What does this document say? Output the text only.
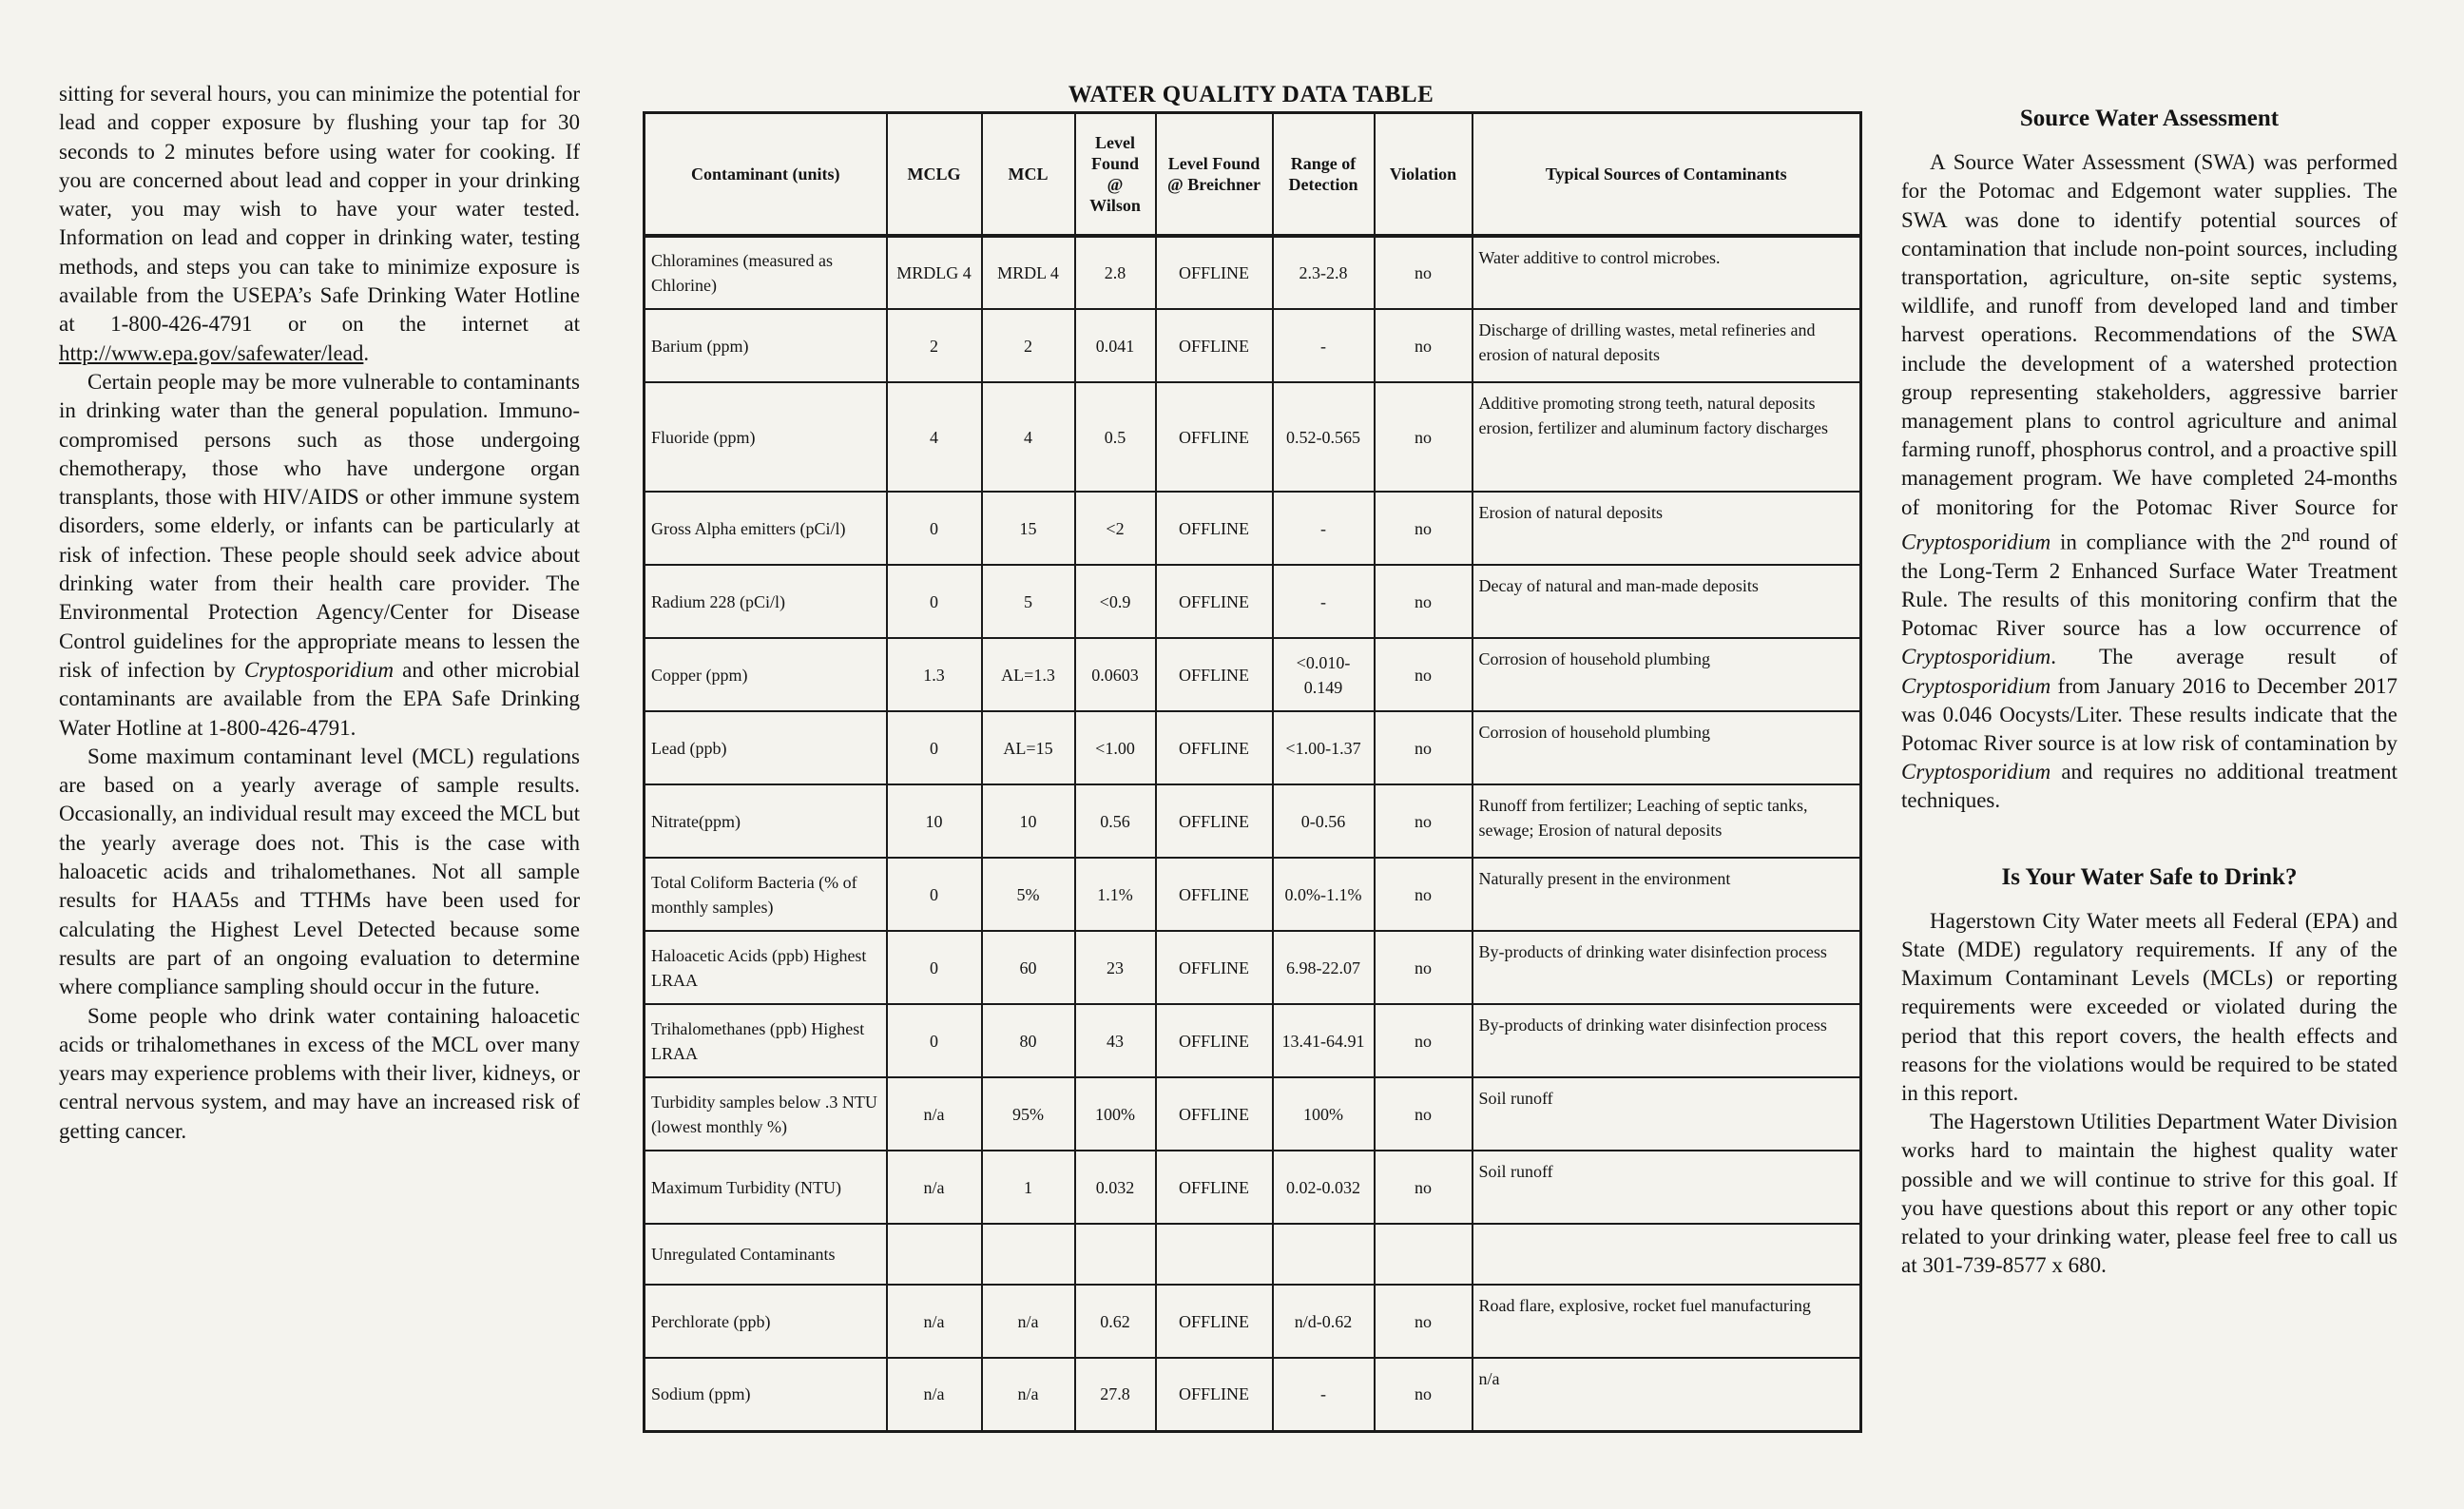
sitting for several hours, you can minimize the potential for lead and copper exposure by flushing your tap for 30 seconds to 2 minutes before using water for cooking. If you are concerned about lead and copper in your drinking water, you may wish to have your water tested. Information on lead and copper in drinking water, testing methods, and steps you can take to minimize exposure is available from the USEPA’s Safe Drinking Water Hotline at 1-800-426-4791 or on the internet at http://www.epa.gov/safewater/lead.

Certain people may be more vulnerable to contaminants in drinking water than the general population. Immuno-compromised persons such as those undergoing chemotherapy, those who have undergone organ transplants, those with HIV/AIDS or other immune system disorders, some elderly, or infants can be particularly at risk of infection. These people should seek advice about drinking water from their health care provider. The Environmental Protection Agency/Center for Disease Control guidelines for the appropriate means to lessen the risk of infection by Cryptosporidium and other microbial contaminants are available from the EPA Safe Drinking Water Hotline at 1-800-426-4791.

Some maximum contaminant level (MCL) regulations are based on a yearly average of sample results. Occasionally, an individual result may exceed the MCL but the yearly average does not. This is the case with haloacetic acids and trihalomethanes. Not all sample results for HAA5s and TTHMs have been used for calculating the Highest Level Detected because some results are part of an ongoing evaluation to determine where compliance sampling should occur in the future.

Some people who drink water containing haloacetic acids or trihalomethanes in excess of the MCL over many years may experience problems with their liver, kidneys, or central nervous system, and may have an increased risk of getting cancer.

WATER QUALITY DATA TABLE
Contaminant (units)	MCLG	MCL	Level Found @ Wilson	Level Found @ Breichner	Range of Detection	Violation	Typical Sources of Contaminants
Chloramines (measured as Chlorine)	MRDLG 4	MRDL 4	2.8	OFFLINE	2.3-2.8	no	Water additive to control microbes.
Barium (ppm)	2	2	0.041	OFFLINE	-	no	Discharge of drilling wastes, metal refineries and erosion of natural deposits
Fluoride (ppm)	4	4	0.5	OFFLINE	0.52-0.565	no	Additive promoting strong teeth, natural deposits erosion, fertilizer and aluminum factory discharges
Gross Alpha emitters (pCi/l)	0	15	<2	OFFLINE	-	no	Erosion of natural deposits
Radium 228 (pCi/l)	0	5	<0.9	OFFLINE	-	no	Decay of natural and man-made deposits
Copper (ppm)	1.3	AL=1.3	0.0603	OFFLINE	<0.010-0.149	no	Corrosion of household plumbing
Lead (ppb)	0	AL=15	<1.00	OFFLINE	<1.00-1.37	no	Corrosion of household plumbing
Nitrate(ppm)	10	10	0.56	OFFLINE	0-0.56	no	Runoff from fertilizer; Leaching of septic tanks, sewage; Erosion of natural deposits
Total Coliform Bacteria (% of monthly samples)	0	5%	1.1%	OFFLINE	0.0%-1.1%	no	Naturally present in the environment
Haloacetic Acids (ppb) Highest LRAA	0	60	23	OFFLINE	6.98-22.07	no	By-products of drinking water disinfection process
Trihalomethanes (ppb) Highest LRAA	0	80	43	OFFLINE	13.41-64.91	no	By-products of drinking water disinfection process
Turbidity samples below .3 NTU (lowest monthly %)	n/a	95%	100%	OFFLINE	100%	no	Soil runoff
Maximum Turbidity (NTU)	n/a	1	0.032	OFFLINE	0.02-0.032	no	Soil runoff
Unregulated Contaminants							
Perchlorate (ppb)	n/a	n/a	0.62	OFFLINE	n/d-0.62	no	Road flare, explosive, rocket fuel manufacturing
Sodium (ppm)	n/a	n/a	27.8	OFFLINE	-	no	n/a
Source Water Assessment

A Source Water Assessment (SWA) was performed for the Potomac and Edgemont water supplies. The SWA was done to identify potential sources of contamination that include non-point sources, including transportation, agriculture, on-site septic systems, wildlife, and runoff from developed land and timber harvest operations. Recommendations of the SWA include the development of a watershed protection group representing stakeholders, aggressive barrier management plans to control agriculture and animal farming runoff, phosphorus control, and a proactive spill management program. We have completed 24-months of monitoring for the Potomac River Source for Cryptosporidium in compliance with the 2nd round of the Long-Term 2 Enhanced Surface Water Treatment Rule. The results of this monitoring confirm that the Potomac River source has a low occurrence of Cryptosporidium. The average result of Cryptosporidium from January 2016 to December 2017 was 0.046 Oocysts/Liter. These results indicate that the Potomac River source is at low risk of contamination by Cryptosporidium and requires no additional treatment techniques.

Is Your Water Safe to Drink?

Hagerstown City Water meets all Federal (EPA) and State (MDE) regulatory requirements. If any of the Maximum Contaminant Levels (MCLs) or reporting requirements were exceeded or violated during the period that this report covers, the health effects and reasons for the violations would be required to be stated in this report.

The Hagerstown Utilities Department Water Division works hard to maintain the highest quality water possible and we will continue to strive for this goal. If you have questions about this report or any other topic related to your drinking water, please feel free to call us at 301-739-8577 x 680.
